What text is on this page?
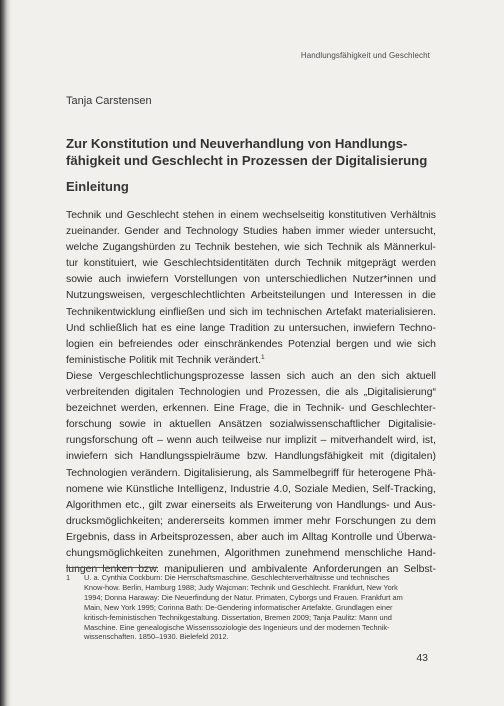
Handlungsfähigkeit und Geschlecht
Tanja Carstensen
Zur Konstitution und Neuverhandlung von Handlungs-
fähigkeit und Geschlecht in Prozessen der Digitalisierung
Einleitung
Technik und Geschlecht stehen in einem wechselseitig konstitutiven Verhältnis
zueinander. Gender and Technology Studies haben immer wieder untersucht,
welche Zugangshürden zu Technik bestehen, wie sich Technik als Männerkul-
tur konstituiert, wie Geschlechtsidentitäten durch Technik mitgeprägt werden
sowie auch inwiefern Vorstellungen von unterschiedlichen Nutzer*innen und
Nutzungsweisen, vergeschlechtlichten Arbeitsteilungen und Interessen in die
Technikentwicklung einfließen und sich im technischen Artefakt materialisieren.
Und schließlich hat es eine lange Tradition zu untersuchen, inwiefern Techno-
logien ein befreiendes oder einschränkendes Potenzial bergen und wie sich
feministische Politik mit Technik verändert.$^1$
Diese Vergeschlechtlichungsprozesse lassen sich auch an den sich aktuell
verbreitenden digitalen Technologien und Prozessen, die als „Digitalisierung“
bezeichnet werden, erkennen. Eine Frage, die in Technik- und Geschlechter-
forschung sowie in aktuellen Ansätzen sozialwissenschaftlicher Digitalisie-
rungsforschung oft – wenn auch teilweise nur implizit – mitverhandelt wird, ist,
inwiefern sich Handlungsspielräume bzw. Handlungsfähigkeit mit (digitalen)
Technologien verändern. Digitalisierung, als Sammelbegriff für heterogene Phä-
nomene wie Künstliche Intelligenz, Industrie 4.0, Soziale Medien, Self-Tracking,
Algorithmen etc., gilt zwar einerseits als Erweiterung von Handlungs- und Aus-
drucksmöglichkeiten; andererseits kommen immer mehr Forschungen zu dem
Ergebnis, dass in Arbeitsprozessen, aber auch im Alltag Kontrolle und Überwa-
chungsmöglichkeiten zunehmen, Algorithmen zunehmend menschliche Hand-
lungen lenken bzw. manipulieren und ambivalente Anforderungen an Selbst-
1 U. a. Cynthia Cockburn: Die Herrschaftsmaschine. Geschlechterverhältnisse und technisches
Know-how. Berlin, Hamburg 1988; Judy Wajcman: Technik und Geschlecht. Frankfurt, New York
1994; Donna Haraway: Die Neuerfindung der Natur. Primaten, Cyborgs und Frauen. Frankfurt am
Main, New York 1995; Corinna Bath: De-Gendering informatischer Artefakte. Grundlagen einer
kritisch-feministischen Technikgestaltung. Dissertation, Bremen 2009; Tanja Paulitz: Mann und
Maschine. Eine genealogische Wissenssoziologie des Ingenieurs und der modernen Technik-
wissenschaften. 1850–1930. Bielefeld 2012.
43
